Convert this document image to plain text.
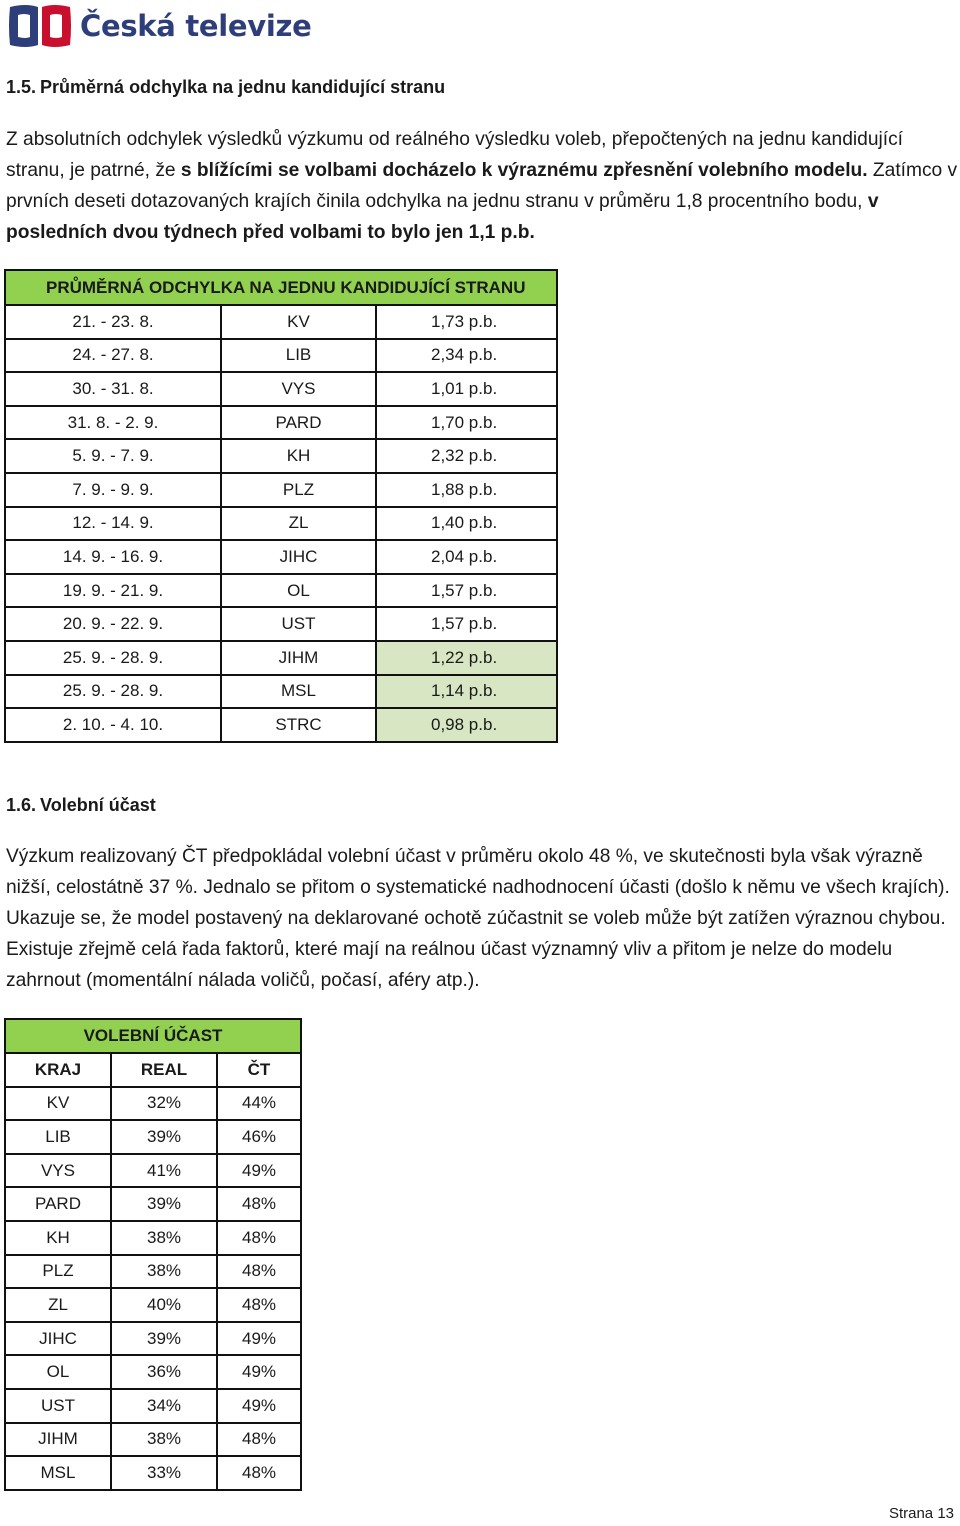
Česká televize
1.5. Průměrná odchylka na jednu kandidující stranu
Z absolutních odchylek výsledků výzkumu od reálného výsledku voleb, přepočtených na jednu kandidující stranu, je patrné, že s blížícími se volbami docházelo k výraznému zpřesnění volebního modelu. Zatímco v prvních deseti dotazovaných krajích činila odchylka na jednu stranu v průměru 1,8 procentního bodu, v posledních dvou týdnech před volbami to bylo jen 1,1 p.b.
PRŮMĚRNÁ ODCHYLKA NA JEDNU KANDIDUJÍCÍ STRANU		
21. - 23. 8.	KV	1,73 p.b.
24. - 27. 8.	LIB	2,34 p.b.
30. - 31. 8.	VYS	1,01 p.b.
31. 8. - 2. 9.	PARD	1,70 p.b.
5. 9. - 7. 9.	KH	2,32 p.b.
7. 9. - 9. 9.	PLZ	1,88 p.b.
12. - 14. 9.	ZL	1,40 p.b.
14. 9. - 16. 9.	JIHC	2,04 p.b.
19. 9. - 21. 9.	OL	1,57 p.b.
20. 9. - 22. 9.	UST	1,57 p.b.
25. 9. - 28. 9.	JIHM	1,22 p.b.
25. 9. - 28. 9.	MSL	1,14 p.b.
2. 10. - 4. 10.	STRC	0,98 p.b.
1.6. Volební účast
Výzkum realizovaný ČT předpokládal volební účast v průměru okolo 48 %, ve skutečnosti byla však výrazně nižší, celostátně 37 %. Jednalo se přitom o systematické nadhodnocení účasti (došlo k němu ve všech krajích). Ukazuje se, že model postavený na deklarované ochotě zúčastnit se voleb může být zatížen výraznou chybou. Existuje zřejmě celá řada faktorů, které mají na reálnou účast významný vliv a přitom je nelze do modelu zahrnout (momentální nálada voličů, počasí, aféry atp.).
VOLEBNÍ ÚČAST		
KRAJ	REAL	ČT
KV	32%	44%
LIB	39%	46%
VYS	41%	49%
PARD	39%	48%
KH	38%	48%
PLZ	38%	48%
ZL	40%	48%
JIHC	39%	49%
OL	36%	49%
UST	34%	49%
JIHM	38%	48%
MSL	33%	48%
Strana 13
